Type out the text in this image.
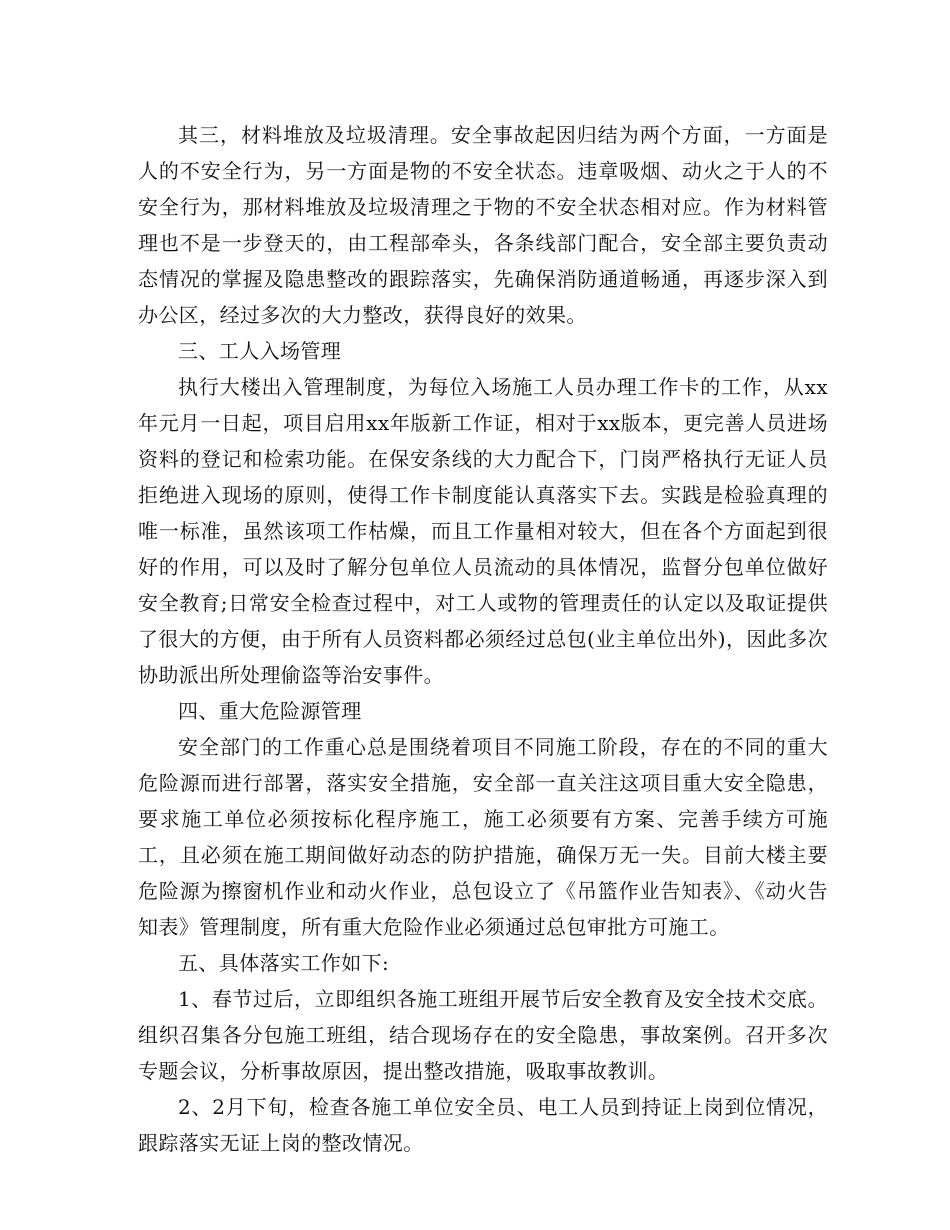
其三，材料堆放及垃圾清理。安全事故起因归结为两个方面，一方面是人的不安全行为，另一方面是物的不安全状态。违章吸烟、动火之于人的不安全行为，那材料堆放及垃圾清理之于物的不安全状态相对应。作为材料管理也不是一步登天的，由工程部牵头，各条线部门配合，安全部主要负责动态情况的掌握及隐患整改的跟踪落实，先确保消防通道畅通，再逐步深入到办公区，经过多次的大力整改，获得良好的效果。

三、工人入场管理

执行大楼出入管理制度，为每位入场施工人员办理工作卡的工作，从xx年元月一日起，项目启用xx年版新工作证，相对于xx版本，更完善人员进场资料的登记和检索功能。在保安条线的大力配合下，门岗严格执行无证人员拒绝进入现场的原则，使得工作卡制度能认真落实下去。实践是检验真理的唯一标准，虽然该项工作枯燥，而且工作量相对较大，但在各个方面起到很好的作用，可以及时了解分包单位人员流动的具体情况，监督分包单位做好安全教育;日常安全检查过程中，对工人或物的管理责任的认定以及取证提供了很大的方便，由于所有人员资料都必须经过总包(业主单位出外)，因此多次协助派出所处理偷盗等治安事件。

四、重大危险源管理

安全部门的工作重心总是围绕着项目不同施工阶段，存在的不同的重大危险源而进行部署，落实安全措施，安全部一直关注这项目重大安全隐患，要求施工单位必须按标化程序施工，施工必须要有方案、完善手续方可施工，且必须在施工期间做好动态的防护措施，确保万无一失。目前大楼主要危险源为擦窗机作业和动火作业，总包设立了《吊篮作业告知表》、《动火告知表》管理制度，所有重大危险作业必须通过总包审批方可施工。

五、具体落实工作如下:

1、春节过后，立即组织各施工班组开展节后安全教育及安全技术交底。组织召集各分包施工班组，结合现场存在的安全隐患，事故案例。召开多次专题会议，分析事故原因，提出整改措施，吸取事故教训。

2、2月下旬，检查各施工单位安全员、电工人员到持证上岗到位情况，跟踪落实无证上岗的整改情况。
